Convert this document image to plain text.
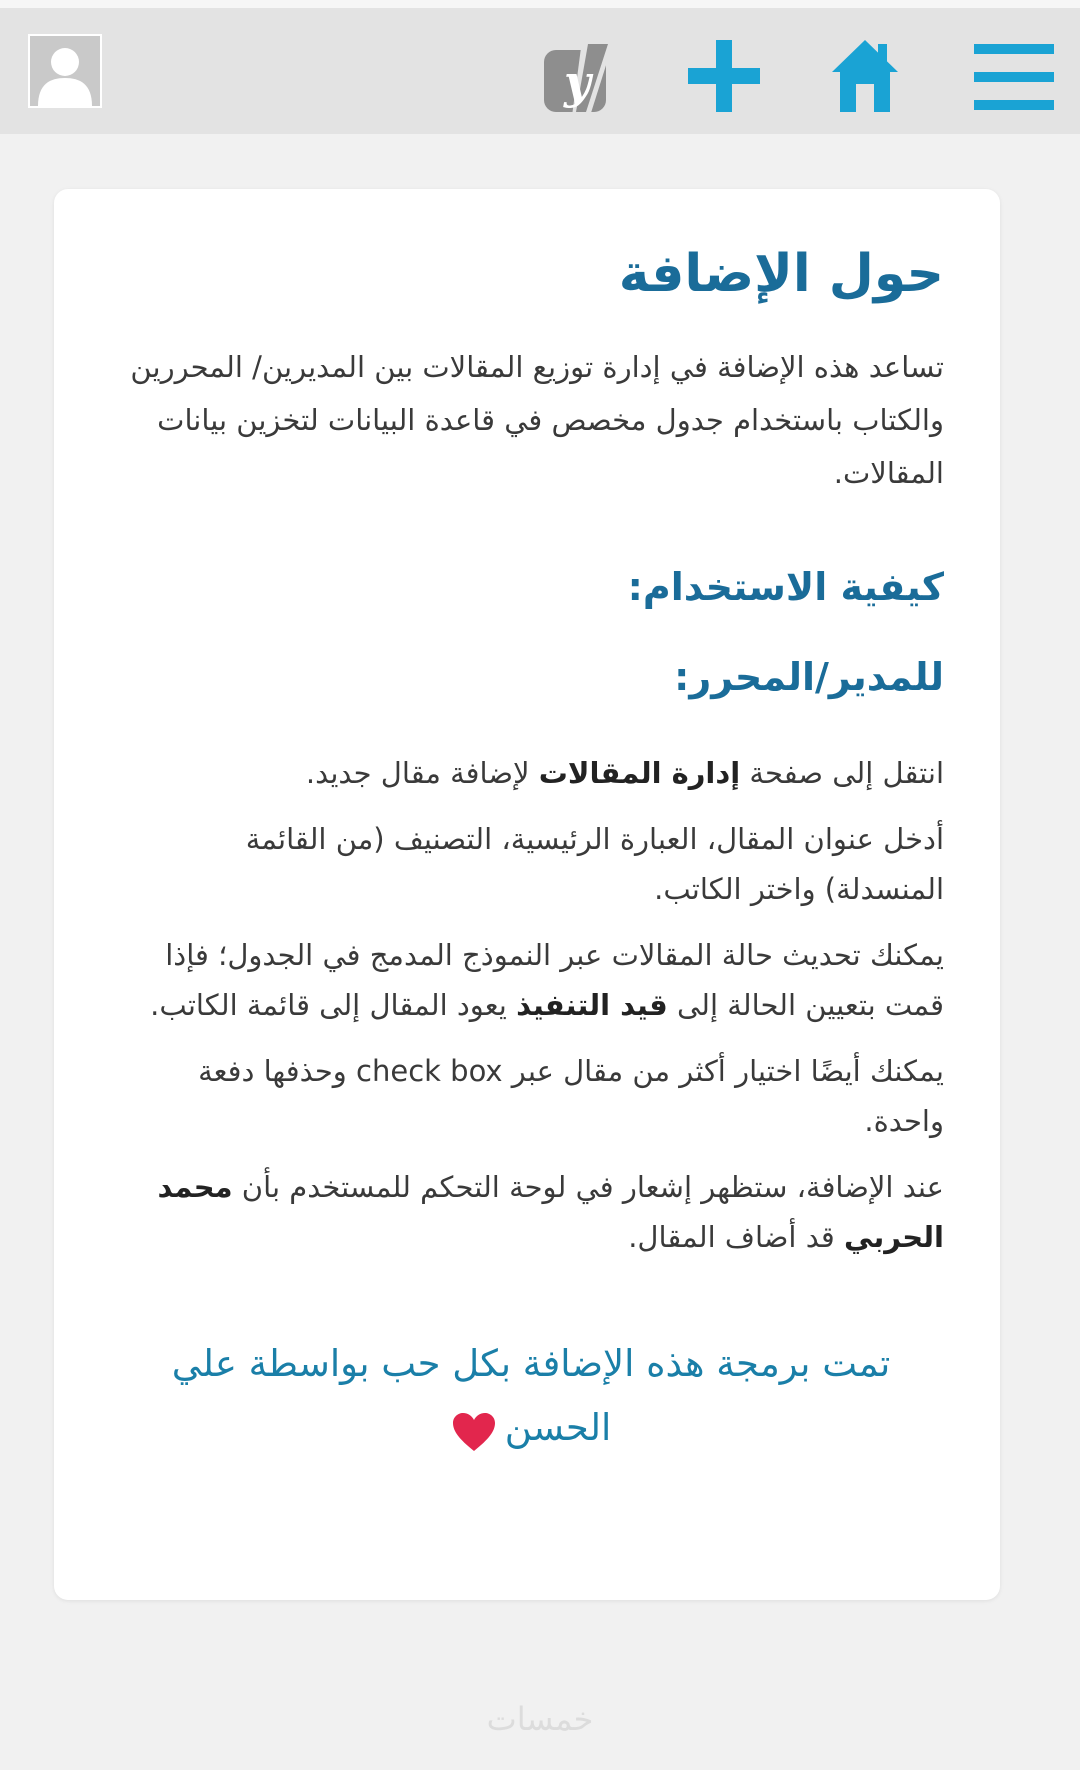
y
حول الإضافة

تساعد هذه الإضافة في إدارة توزيع المقالات بين المديرين/ المحررين والكتاب باستخدام جدول مخصص في قاعدة البيانات لتخزين بيانات المقالات.

كيفية الاستخدام:
للمدير/المحرر:

انتقل إلى صفحة إدارة المقالات لإضافة مقال جديد.

أدخل عنوان المقال، العبارة الرئيسية، التصنيف (من القائمة المنسدلة) واختر الكاتب.

يمكنك تحديث حالة المقالات عبر النموذج المدمج في الجدول؛ فإذا قمت بتعيين الحالة إلى قيد التنفيذ يعود المقال إلى قائمة الكاتب.

يمكنك أيضًا اختيار أكثر من مقال عبر check box وحذفها دفعة واحدة.

عند الإضافة، ستظهر إشعار في لوحة التحكم للمستخدم بأن محمد الحربي قد أضاف المقال.

تمت برمجة هذه الإضافة بكل حب بواسطة علي الحسن

خمسات
